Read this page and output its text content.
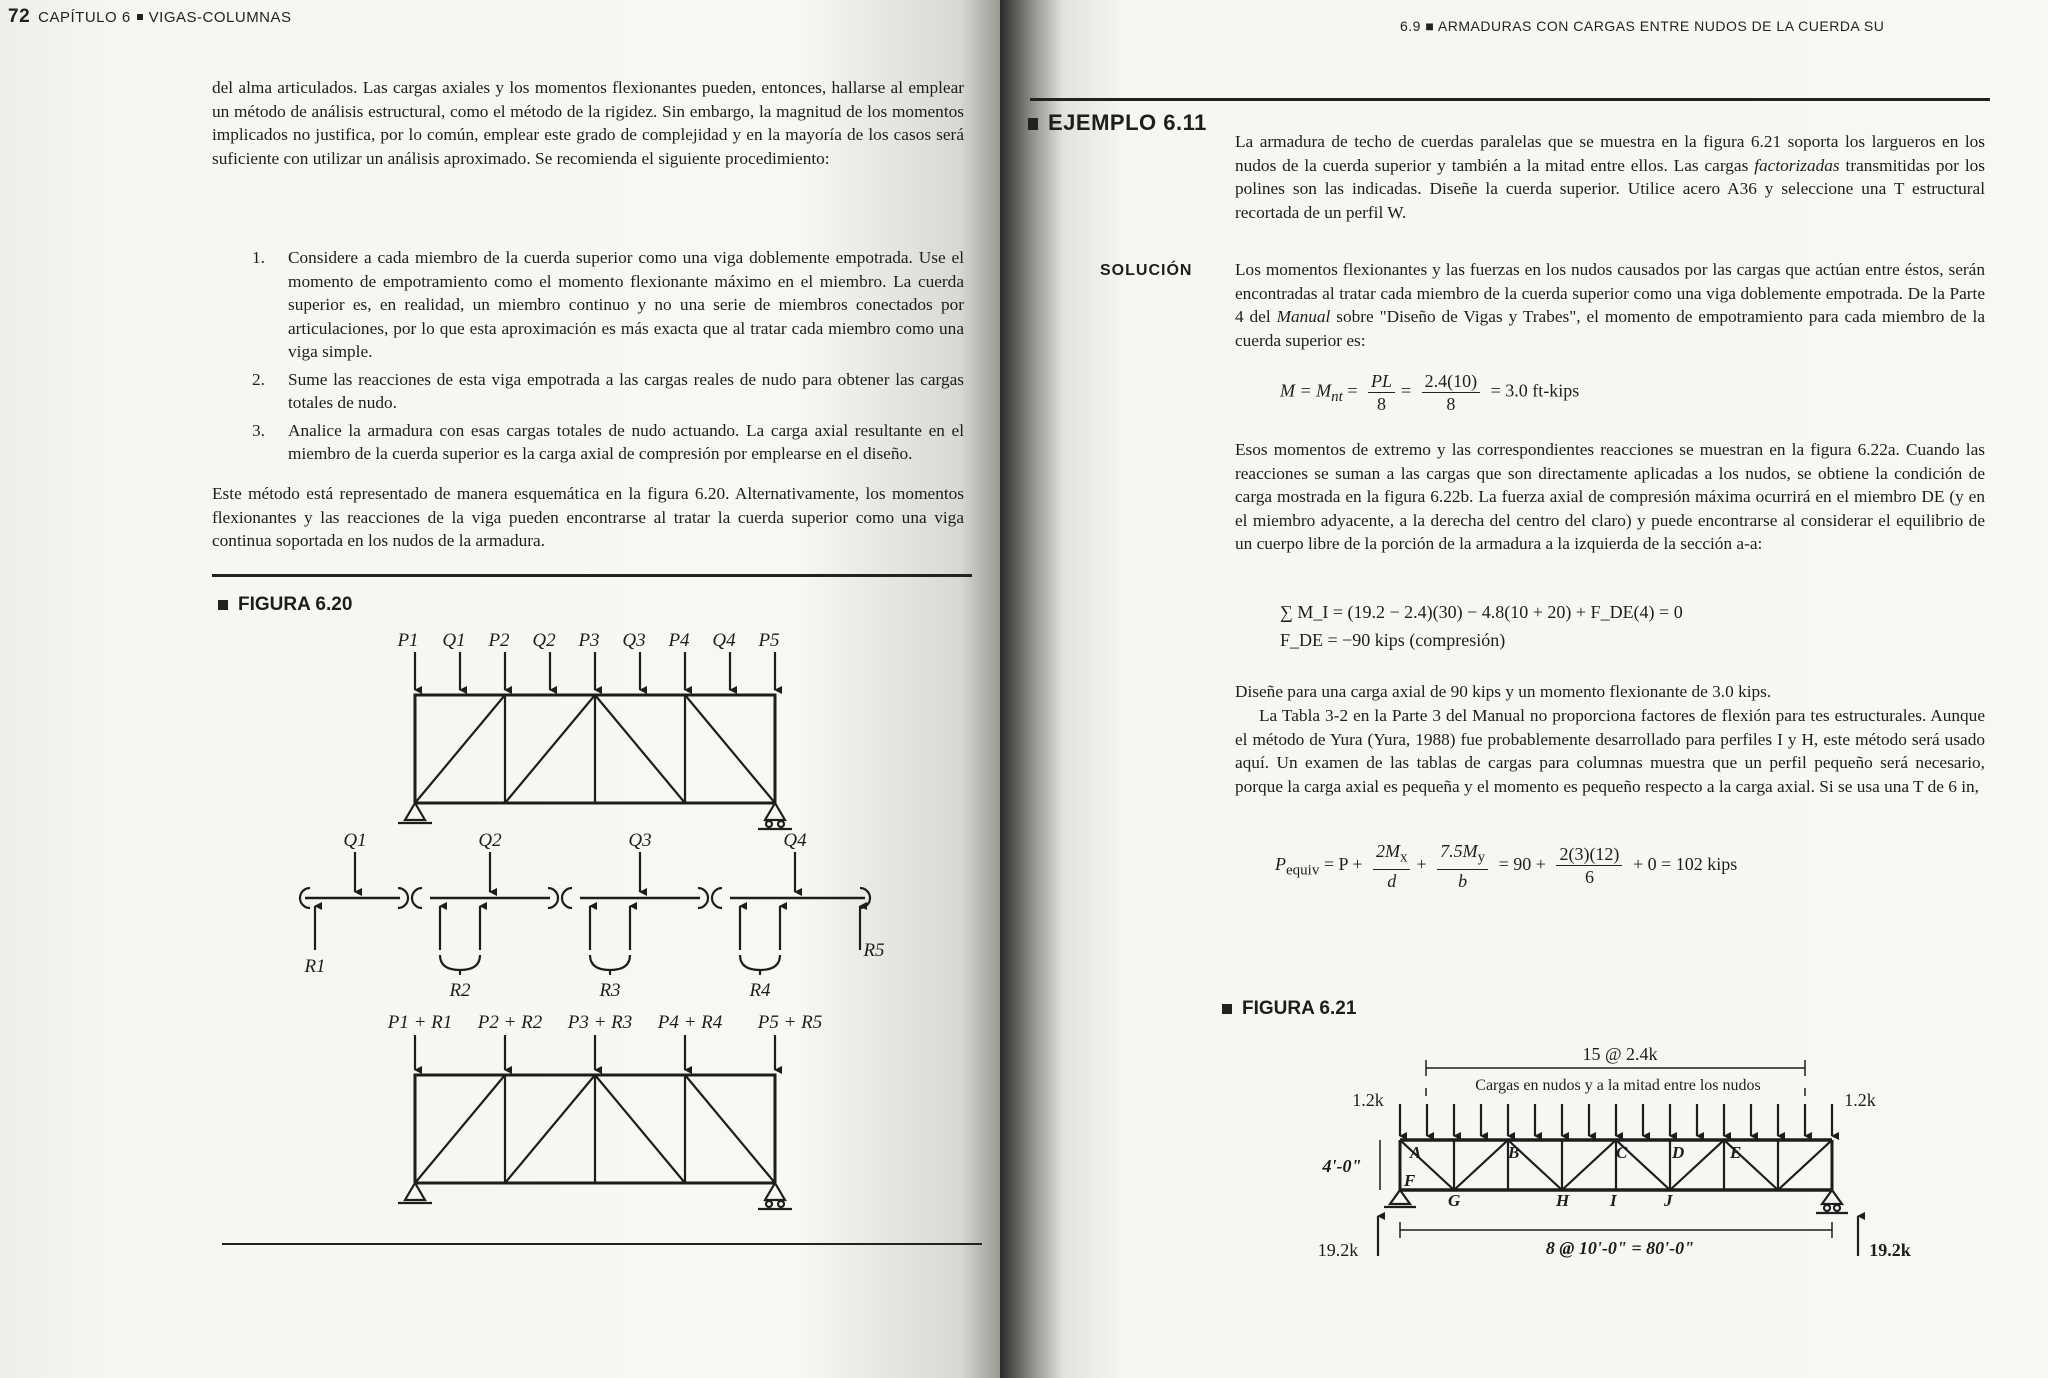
72 CAPÍTULO 6 VIGAS-COLUMNAS

del alma articulados. Las cargas axiales y los momentos flexionantes pueden, entonces, hallarse al emplear un método de análisis estructural, como el método de la rigidez. Sin embargo, la magnitud de los momentos implicados no justifica, por lo común, emplear este grado de complejidad y en la mayoría de los casos será suficiente con utilizar un análisis aproximado. Se recomienda el siguiente procedimiento:

1. Considere a cada miembro de la cuerda superior como una viga doblemente empotrada. Use el momento de empotramiento como el momento flexionante máximo en el miembro. La cuerda superior es, en realidad, un miembro continuo y no una serie de miembros conectados por articulaciones, por lo que esta aproximación es más exacta que al tratar cada miembro como una viga simple.
2. Sume las reacciones de esta viga empotrada a las cargas reales de nudo para obtener las cargas totales de nudo.
3. Analice la armadura con esas cargas totales de nudo actuando. La carga axial resultante en el miembro de la cuerda superior es la carga axial de compresión por emplearse en el diseño.

Este método está representado de manera esquemática en la figura 6.20. Alternativamente, los momentos flexionantes y las reacciones de la viga pueden encontrarse al tratar la cuerda superior como una viga continua soportada en los nudos de la armadura.

FIGURA 6.20
P1 Q1 P2 Q2 P3 Q3 P4 Q4 P5
Q1	Q2	Q3	Q4
R1
R2	R3	R4
R5
P1 + R1 P2 + R2 P3 + R3 P4 + R4 P5 + R5
6.9 ■ ARMADURAS CON CARGAS ENTRE NUDOS DE LA CUERDA SU
EJEMPLO 6.11

La armadura de techo de cuerdas paralelas que se muestra en la figura 6.21 soporta los largueros en los nudos de la cuerda superior y también a la mitad entre ellos. Las cargas factorizadas transmitidas por los polines son las indicadas. Diseñe la cuerda superior. Utilice acero A36 y seleccione una T estructural recortada de un perfil W.

SOLUCIÓN Los momentos flexionantes y las fuerzas en los nudos causados por las cargas que actúan entre éstos, serán encontradas al tratar cada miembro de la cuerda superior como una viga doblemente empotrada. De la Parte 4 del Manual sobre "Diseño de Vigas y Trabes", el momento de empotramiento para cada miembro de la cuerda superior es:

$M = M_{nt} = \frac{PL}{8} = \frac{2.4(10)}{8} = 3.0$ ft-kips

Esos momentos de extremo y las correspondientes reacciones se muestran en la figura 6.22a. Cuando las reacciones se suman a las cargas que son directamente aplicadas a los nudos, se obtiene la condición de carga mostrada en la figura 6.22b. La fuerza axial de compresión máxima ocurrirá en el miembro DE (y en el miembro adyacente, a la derecha del centro del claro) y puede encontrarse al considerar el equilibrio de un cuerpo libre de la porción de la armadura a la izquierda de la sección a-a:

∑ M_I = (19.2 − 2.4)(30) − 4.8(10 + 20) + F_DE(4) = 0
F_DE = −90 kips (compresión)

Diseñe para una carga axial de 90 kips y un momento flexionante de 3.0 kips.

La Tabla 3-2 en la Parte 3 del Manual no proporciona factores de flexión para tes estructurales. Aunque el método de Yura (Yura, 1988) fue probablemente desarrollado para perfiles I y H, este método será usado aquí. Un examen de las tablas de cargas para columnas muestra que un perfil pequeño será necesario, porque la carga axial es pequeña y el momento es pequeño respecto a la carga axial. Si se usa una T de 6 in,

$P_{equiv} = P + \frac{2M_x}{d} + \frac{7.5M_y}{b} = 90 + \frac{2(3)(12)}{6} + 0 = 102$ kips
FIGURA 6.21
15 @ 2.4k
Cargas en nudos y a la mitad entre los nudos
1.2k	1.2k
4'-0"
8 @ 10'-0" = 80'-0"
19.2k	19.2k
A	B	C	D	E
F
G	H I	J
